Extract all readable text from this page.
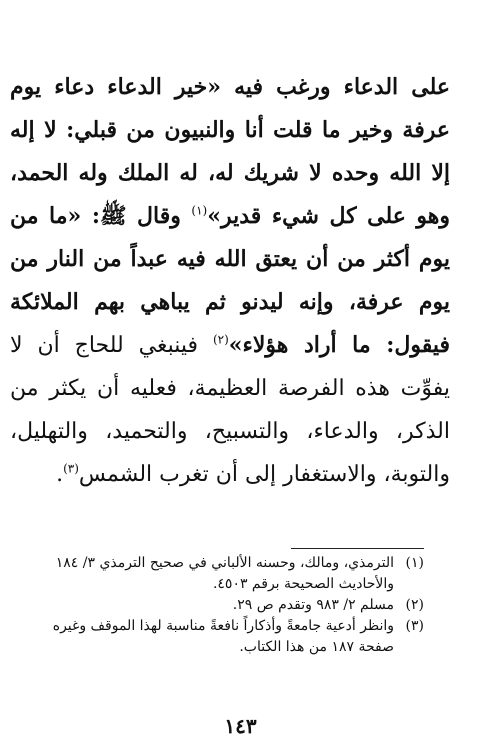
على الدعاء ورغب فيه «خير الدعاء دعاء يوم
عرفة وخير ما قلت أنا والنبيون من قبلي: لا إله
إلا الله وحده لا شريك له، له الملك وله الحمد،
وهو على كل شيء قدير»$^{(١)}$ وقال ﷺ: «ما من
يوم أكثر من أن يعتق الله فيه عبداً من النار من
يوم عرفة، وإنه ليدنو ثم يباهي بهم الملائكة
فيقول: ما أراد هؤلاء»$^{(٢)}$ فينبغي للحاج أن لا
يفوِّت هذه الفرصة العظيمة، فعليه أن يكثر من
الذكر، والدعاء، والتسبيح، والتحميد، والتهليل،
والتوبة، والاستغفار إلى أن تغرب الشمس$^{(٣)}$.
(١)الترمذي، ومالك، وحسنه الألباني في صحيح الترمذي ٣/ ١٨٤
والأحاديث الصحيحة برقم ٤٥٠٣.
(٢)مسلم ٢/ ٩٨٣ وتقدم ص ٢٩.
(٣)وانظر أدعية جامعةً وأذكاراً نافعةً مناسبة لهذا الموقف وغيره
صفحة ١٨٧ من هذا الكتاب.
١٤٣
